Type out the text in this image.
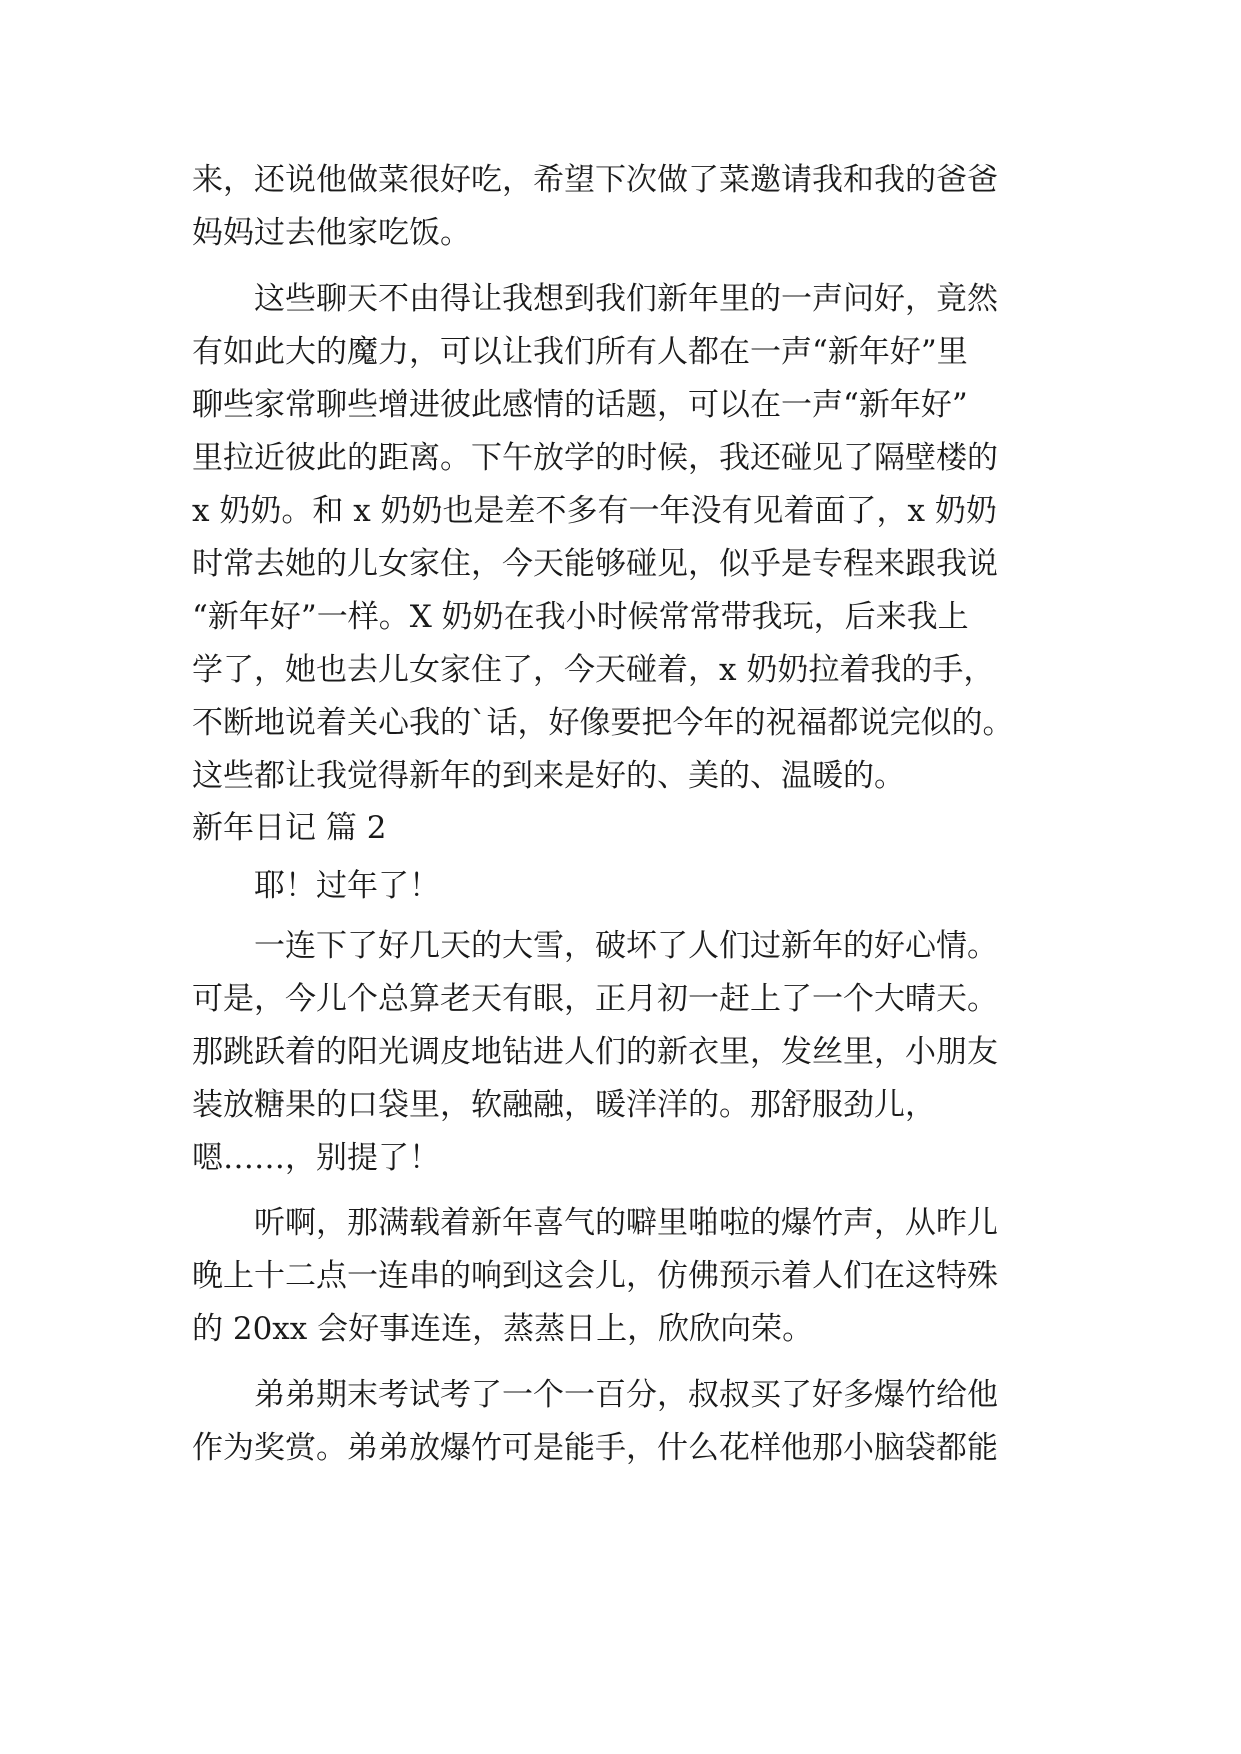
来，还说他做菜很好吃，希望下次做了菜邀请我和我的爸爸
妈妈过去他家吃饭。
这些聊天不由得让我想到我们新年里的一声问好，竟然
有如此大的魔力，可以让我们所有人都在一声“新年好”里
聊些家常聊些增进彼此感情的话题，可以在一声“新年好”
里拉近彼此的距离。下午放学的时候，我还碰见了隔壁楼的
x 奶奶。和 x 奶奶也是差不多有一年没有见着面了，x 奶奶
时常去她的儿女家住，今天能够碰见，似乎是专程来跟我说
“新年好”一样。X 奶奶在我小时候常常带我玩，后来我上
学了，她也去儿女家住了，今天碰着，x 奶奶拉着我的手，
不断地说着关心我的`话，好像要把今年的祝福都说完似的。
这些都让我觉得新年的到来是好的、美的、温暖的。
新年日记 篇 2
耶！过年了！
一连下了好几天的大雪，破坏了人们过新年的好心情。
可是，今儿个总算老天有眼，正月初一赶上了一个大晴天。
那跳跃着的阳光调皮地钻进人们的新衣里，发丝里，小朋友
装放糖果的口袋里，软融融，暖洋洋的。那舒服劲儿，
嗯……，别提了！
听啊，那满载着新年喜气的噼里啪啦的爆竹声，从昨儿
晚上十二点一连串的响到这会儿，仿佛预示着人们在这特殊
的 20xx 会好事连连，蒸蒸日上，欣欣向荣。
弟弟期末考试考了一个一百分，叔叔买了好多爆竹给他
作为奖赏。弟弟放爆竹可是能手，什么花样他那小脑袋都能
